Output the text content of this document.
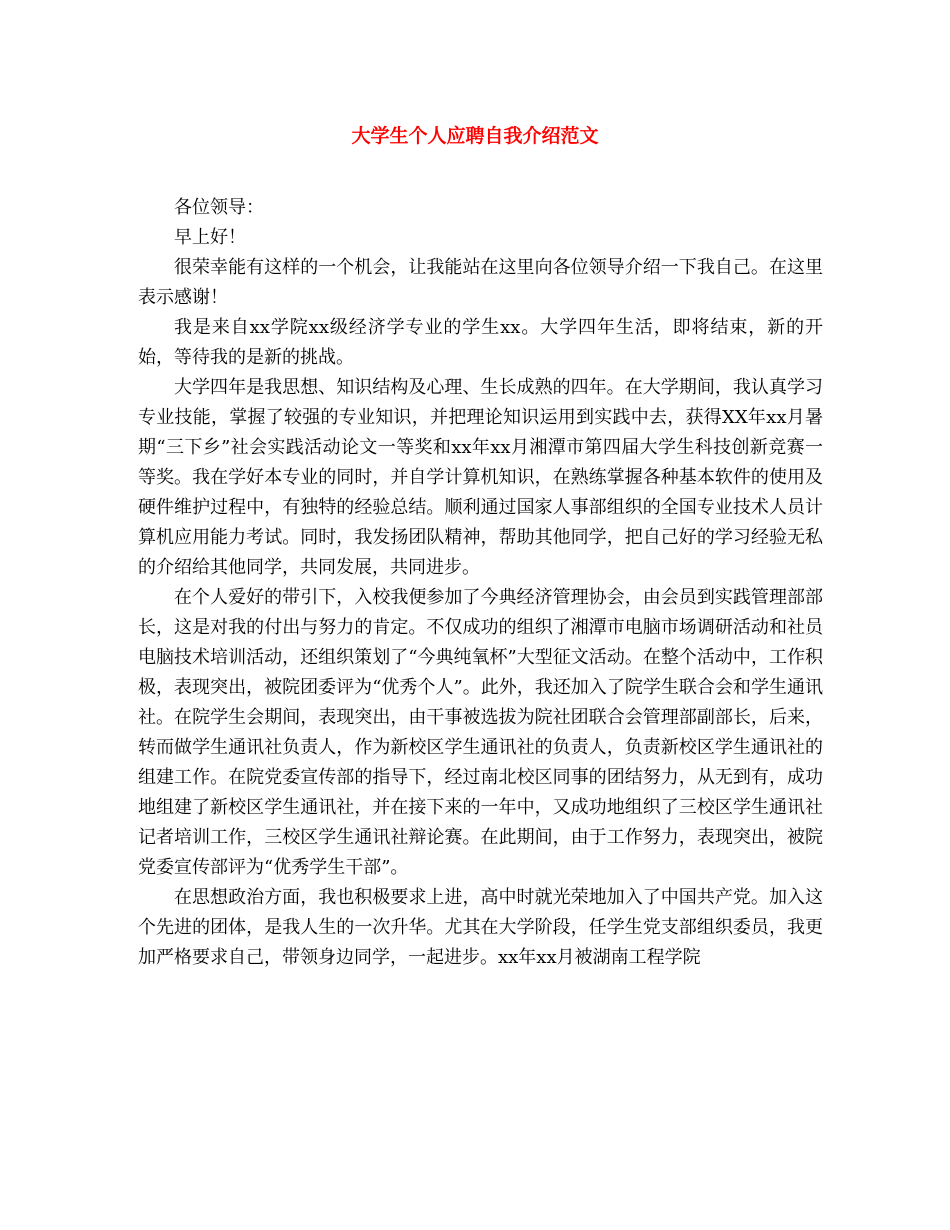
大学生个人应聘自我介绍范文

各位领导：

早上好！

很荣幸能有这样的一个机会，让我能站在这里向各位领导介绍一下我自己。在这里表示感谢！

我是来自xx学院xx级经济学专业的学生xx。大学四年生活，即将结束，新的开始，等待我的是新的挑战。

大学四年是我思想、知识结构及心理、生长成熟的四年。在大学期间，我认真学习专业技能，掌握了较强的专业知识，并把理论知识运用到实践中去，获得XX年xx月暑期“三下乡”社会实践活动论文一等奖和xx年xx月湘潭市第四届大学生科技创新竞赛一等奖。我在学好本专业的同时，并自学计算机知识，在熟练掌握各种基本软件的使用及硬件维护过程中，有独特的经验总结。顺利通过国家人事部组织的全国专业技术人员计算机应用能力考试。同时，我发扬团队精神，帮助其他同学，把自己好的学习经验无私的介绍给其他同学，共同发展，共同进步。

在个人爱好的带引下，入校我便参加了今典经济管理协会，由会员到实践管理部部长，这是对我的付出与努力的肯定。不仅成功的组织了湘潭市电脑市场调研活动和社员电脑技术培训活动，还组织策划了“今典纯氧杯”大型征文活动。在整个活动中，工作积极，表现突出，被院团委评为“优秀个人”。此外，我还加入了院学生联合会和学生通讯社。在院学生会期间，表现突出，由干事被选拔为院社团联合会管理部副部长，后来，转而做学生通讯社负责人，作为新校区学生通讯社的负责人，负责新校区学生通讯社的组建工作。在院党委宣传部的指导下，经过南北校区同事的团结努力，从无到有，成功地组建了新校区学生通讯社，并在接下来的一年中，又成功地组织了三校区学生通讯社记者培训工作，三校区学生通讯社辩论赛。在此期间，由于工作努力，表现突出，被院党委宣传部评为“优秀学生干部”。

在思想政治方面，我也积极要求上进，高中时就光荣地加入了中国共产党。加入这个先进的团体，是我人生的一次升华。尤其在大学阶段，任学生党支部组织委员，我更加严格要求自己，带领身边同学，一起进步。xx年xx月被湖南工程学院
